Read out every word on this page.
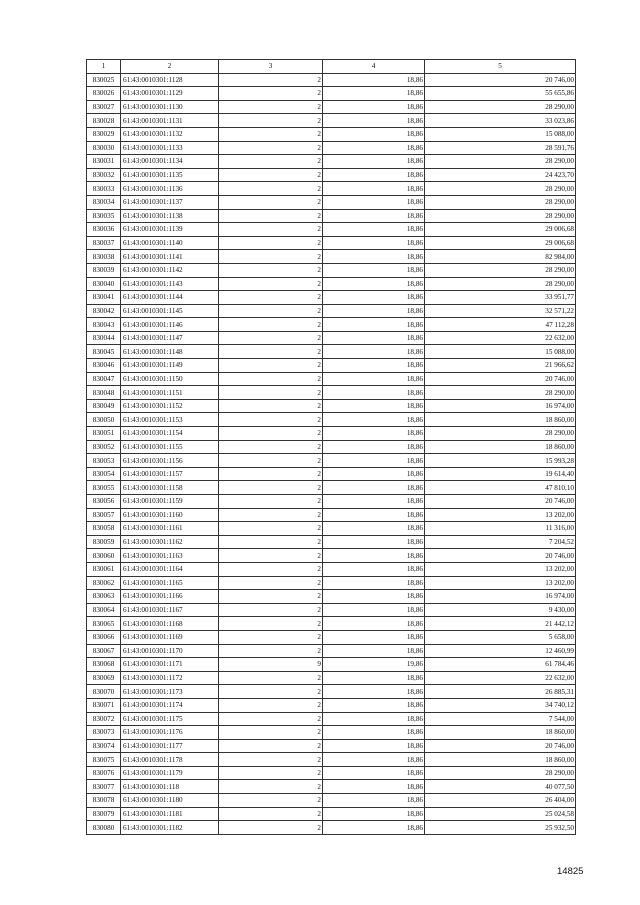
1	2	3	4	5
830025	61:43:0010301:1128	2	18,86	20 746,00
830026	61:43:0010301:1129	2	18,86	55 655,86
830027	61:43:0010301:1130	2	18,86	28 290,00
830028	61:43:0010301:1131	2	18,86	33 023,86
830029	61:43:0010301:1132	2	18,86	15 088,00
830030	61:43:0010301:1133	2	18,86	28 591,76
830031	61:43:0010301:1134	2	18,86	28 290,00
830032	61:43:0010301:1135	2	18,86	24 423,70
830033	61:43:0010301:1136	2	18,86	28 290,00
830034	61:43:0010301:1137	2	18,86	28 290,00
830035	61:43:0010301:1138	2	18,86	28 290,00
830036	61:43:0010301:1139	2	18,86	29 006,68
830037	61:43:0010301:1140	2	18,86	29 006,68
830038	61:43:0010301:1141	2	18,86	82 984,00
830039	61:43:0010301:1142	2	18,86	28 290,00
830040	61:43:0010301:1143	2	18,86	28 290,00
830041	61:43:0010301:1144	2	18,86	33 951,77
830042	61:43:0010301:1145	2	18,86	32 571,22
830043	61:43:0010301:1146	2	18,86	47 112,28
830044	61:43:0010301:1147	2	18,86	22 632,00
830045	61:43:0010301:1148	2	18,86	15 088,00
830046	61:43:0010301:1149	2	18,86	21 966,62
830047	61:43:0010301:1150	2	18,86	20 746,00
830048	61:43:0010301:1151	2	18,86	28 290,00
830049	61:43:0010301:1152	2	18,86	16 974,00
830050	61:43:0010301:1153	2	18,86	18 860,00
830051	61:43:0010301:1154	2	18,86	28 290,00
830052	61:43:0010301:1155	2	18,86	18 860,00
830053	61:43:0010301:1156	2	18,86	15 993,28
830054	61:43:0010301:1157	2	18,86	19 614,40
830055	61:43:0010301:1158	2	18,86	47 810,10
830056	61:43:0010301:1159	2	18,86	20 746,00
830057	61:43:0010301:1160	2	18,86	13 202,00
830058	61:43:0010301:1161	2	18,86	11 316,00
830059	61:43:0010301:1162	2	18,86	7 204,52
830060	61:43:0010301:1163	2	18,86	20 746,00
830061	61:43:0010301:1164	2	18,86	13 202,00
830062	61:43:0010301:1165	2	18,86	13 202,00
830063	61:43:0010301:1166	2	18,86	16 974,00
830064	61:43:0010301:1167	2	18,86	9 430,00
830065	61:43:0010301:1168	2	18,86	21 442,12
830066	61:43:0010301:1169	2	18,86	5 658,00
830067	61:43:0010301:1170	2	18,86	12 460,99
830068	61:43:0010301:1171	9	19,86	61 784,46
830069	61:43:0010301:1172	2	18,86	22 632,00
830070	61:43:0010301:1173	2	18,86	26 885,31
830071	61:43:0010301:1174	2	18,86	34 740,12
830072	61:43:0010301:1175	2	18,86	7 544,00
830073	61:43:0010301:1176	2	18,86	18 860,00
830074	61:43:0010301:1177	2	18,86	20 746,00
830075	61:43:0010301:1178	2	18,86	18 860,00
830076	61:43:0010301:1179	2	18,86	28 290,00
830077	61:43:0010301:118	2	18,86	40 077,50
830078	61:43:0010301:1180	2	18,86	26 404,00
830079	61:43:0010301:1181	2	18,86	25 024,58
830080	61:43:0010301:1182	2	18,86	25 932,50
14825
